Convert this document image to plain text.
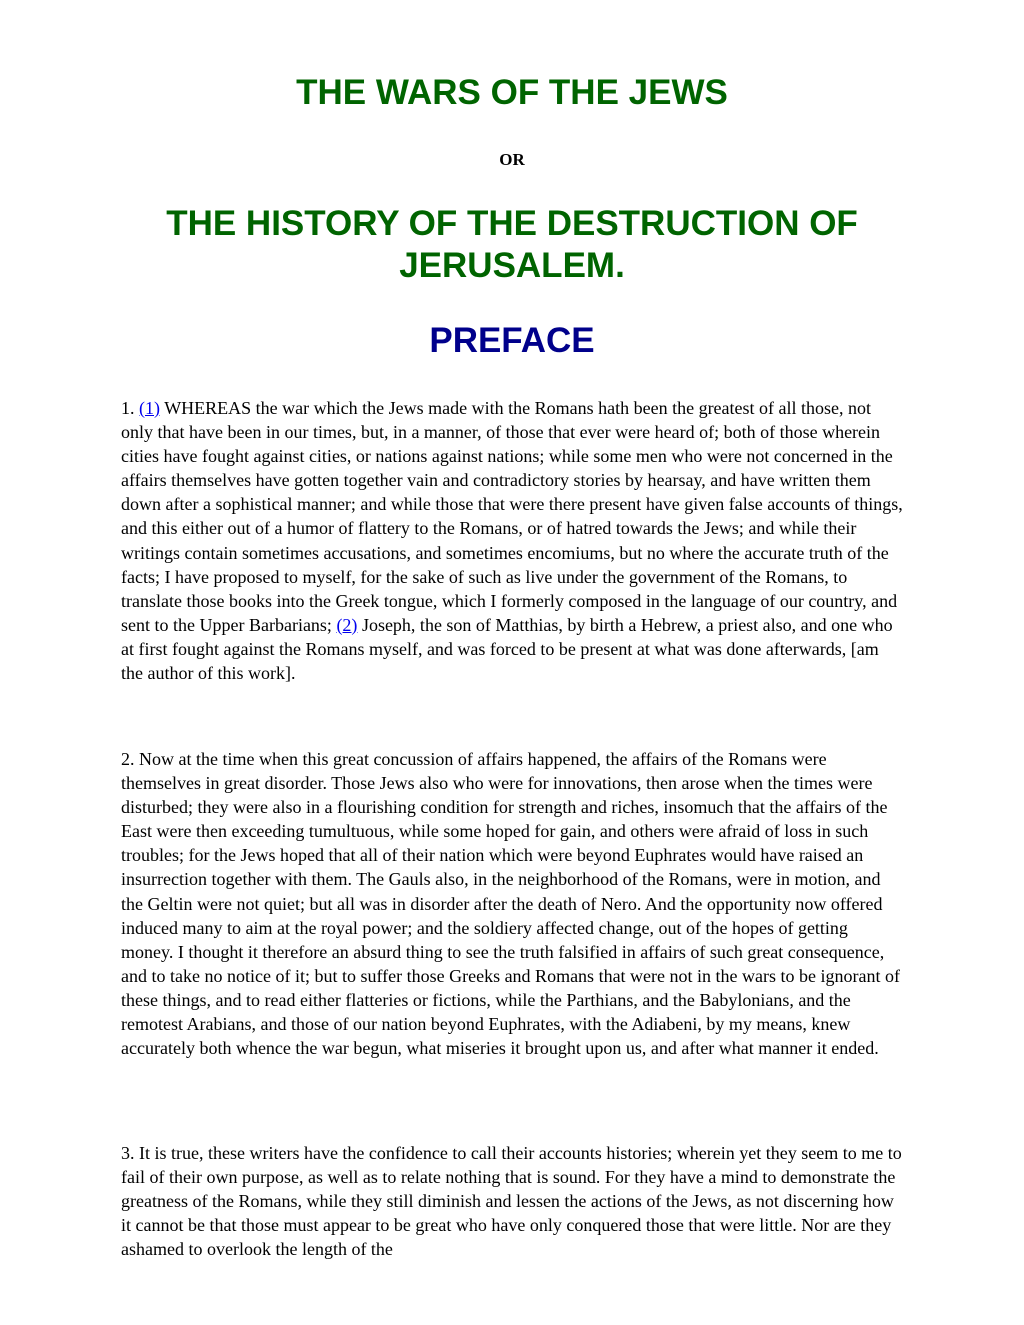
THE WARS OF THE JEWS
OR
THE HISTORY OF THE DESTRUCTION OF JERUSALEM.
PREFACE

1. (1) WHEREAS the war which the Jews made with the Romans hath been the greatest of all those, not only that have been in our times, but, in a manner, of those that ever were heard of; both of those wherein cities have fought against cities, or nations against nations; while some men who were not concerned in the affairs themselves have gotten together vain and contradictory stories by hearsay, and have written them down after a sophistical manner; and while those that were there present have given false accounts of things, and this either out of a humor of flattery to the Romans, or of hatred towards the Jews; and while their writings contain sometimes accusations, and sometimes encomiums, but no where the accurate truth of the facts; I have proposed to myself, for the sake of such as live under the government of the Romans, to translate those books into the Greek tongue, which I formerly composed in the language of our country, and sent to the Upper Barbarians; (2) Joseph, the son of Matthias, by birth a Hebrew, a priest also, and one who at first fought against the Romans myself, and was forced to be present at what was done afterwards, [am the author of this work].

2. Now at the time when this great concussion of affairs happened, the affairs of the Romans were themselves in great disorder. Those Jews also who were for innovations, then arose when the times were disturbed; they were also in a flourishing condition for strength and riches, insomuch that the affairs of the East were then exceeding tumultuous, while some hoped for gain, and others were afraid of loss in such troubles; for the Jews hoped that all of their nation which were beyond Euphrates would have raised an insurrection together with them. The Gauls also, in the neighborhood of the Romans, were in motion, and the Geltin were not quiet; but all was in disorder after the death of Nero. And the opportunity now offered induced many to aim at the royal power; and the soldiery affected change, out of the hopes of getting money. I thought it therefore an absurd thing to see the truth falsified in affairs of such great consequence, and to take no notice of it; but to suffer those Greeks and Romans that were not in the wars to be ignorant of these things, and to read either flatteries or fictions, while the Parthians, and the Babylonians, and the remotest Arabians, and those of our nation beyond Euphrates, with the Adiabeni, by my means, knew accurately both whence the war begun, what miseries it brought upon us, and after what manner it ended.

3. It is true, these writers have the confidence to call their accounts histories; wherein yet they seem to me to fail of their own purpose, as well as to relate nothing that is sound. For they have a mind to demonstrate the greatness of the Romans, while they still diminish and lessen the actions of the Jews, as not discerning how it cannot be that those must appear to be great who have only conquered those that were little. Nor are they ashamed to overlook the length of the
